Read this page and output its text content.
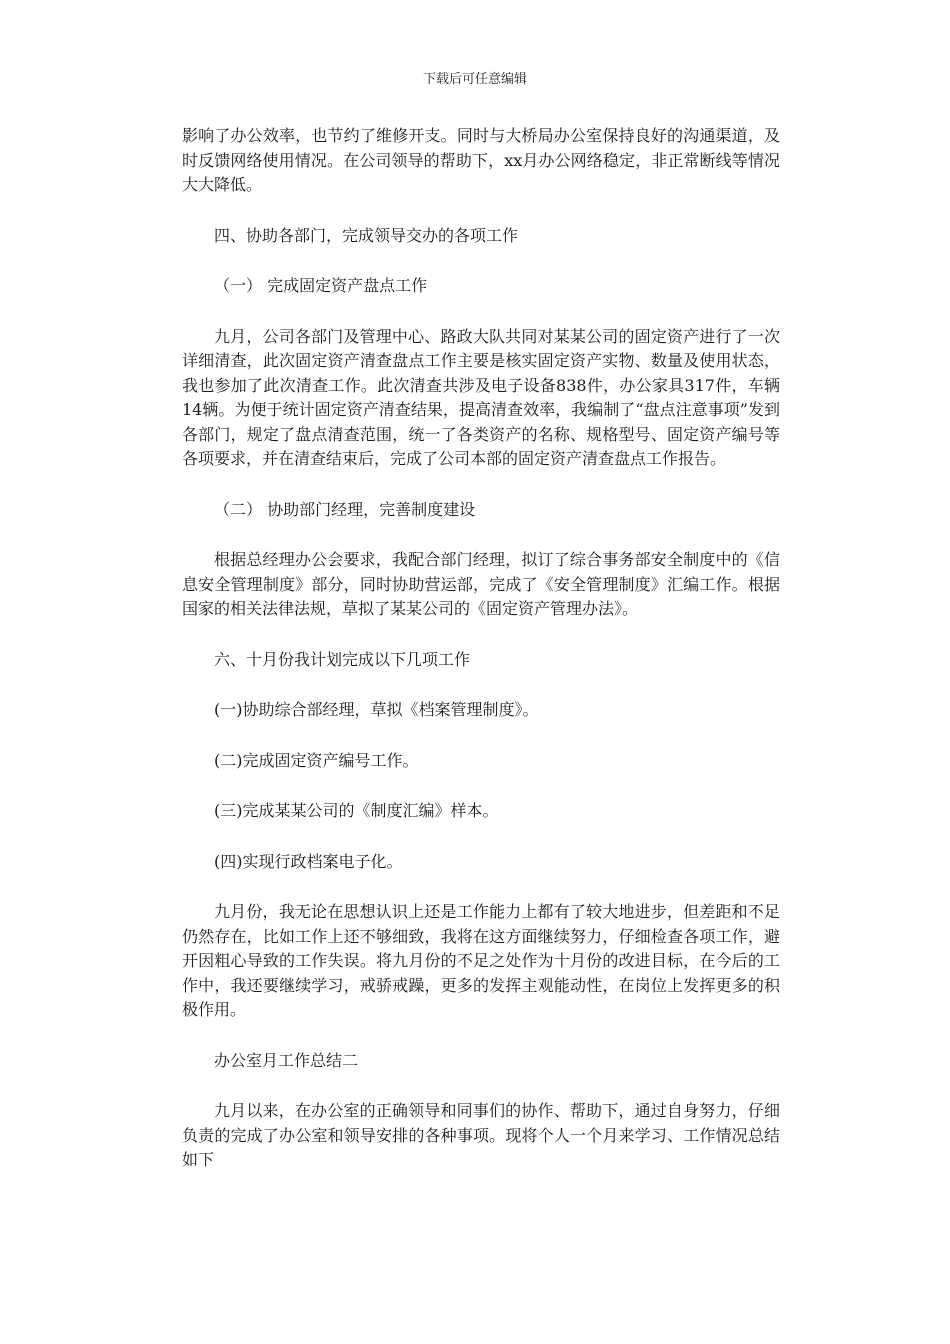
下载后可任意编辑

影响了办公效率，也节约了维修开支。同时与大桥局办公室保持良好的沟通渠道，及时反馈网络使用情况。在公司领导的帮助下，xx月办公网络稳定，非正常断线等情况大大降低。

四、协助各部门，完成领导交办的各项工作

（一） 完成固定资产盘点工作

九月，公司各部门及管理中心、路政大队共同对某某公司的固定资产进行了一次详细清查，此次固定资产清查盘点工作主要是核实固定资产实物、数量及使用状态，我也参加了此次清查工作。此次清查共涉及电子设备838件，办公家具317件，车辆14辆。为便于统计固定资产清查结果，提高清查效率，我编制了“盘点注意事项”发到各部门，规定了盘点清查范围，统一了各类资产的名称、规格型号、固定资产编号等各项要求，并在清查结束后，完成了公司本部的固定资产清查盘点工作报告。

（二） 协助部门经理，完善制度建设

根据总经理办公会要求，我配合部门经理，拟订了综合事务部安全制度中的《信息安全管理制度》部分，同时协助营运部，完成了《安全管理制度》汇编工作。根据国家的相关法律法规，草拟了某某公司的《固定资产管理办法》。

六、十月份我计划完成以下几项工作

(一)协助综合部经理，草拟《档案管理制度》。

(二)完成固定资产编号工作。

(三)完成某某公司的《制度汇编》样本。

(四)实现行政档案电子化。

九月份，我无论在思想认识上还是工作能力上都有了较大地进步，但差距和不足仍然存在，比如工作上还不够细致，我将在这方面继续努力，仔细检查各项工作，避开因粗心导致的工作失误。将九月份的不足之处作为十月份的改进目标，在今后的工作中，我还要继续学习，戒骄戒躁，更多的发挥主观能动性，在岗位上发挥更多的积极作用。

办公室月工作总结二

九月以来，在办公室的正确领导和同事们的协作、帮助下，通过自身努力，仔细负责的完成了办公室和领导安排的各种事项。现将个人一个月来学习、工作情况总结如下
